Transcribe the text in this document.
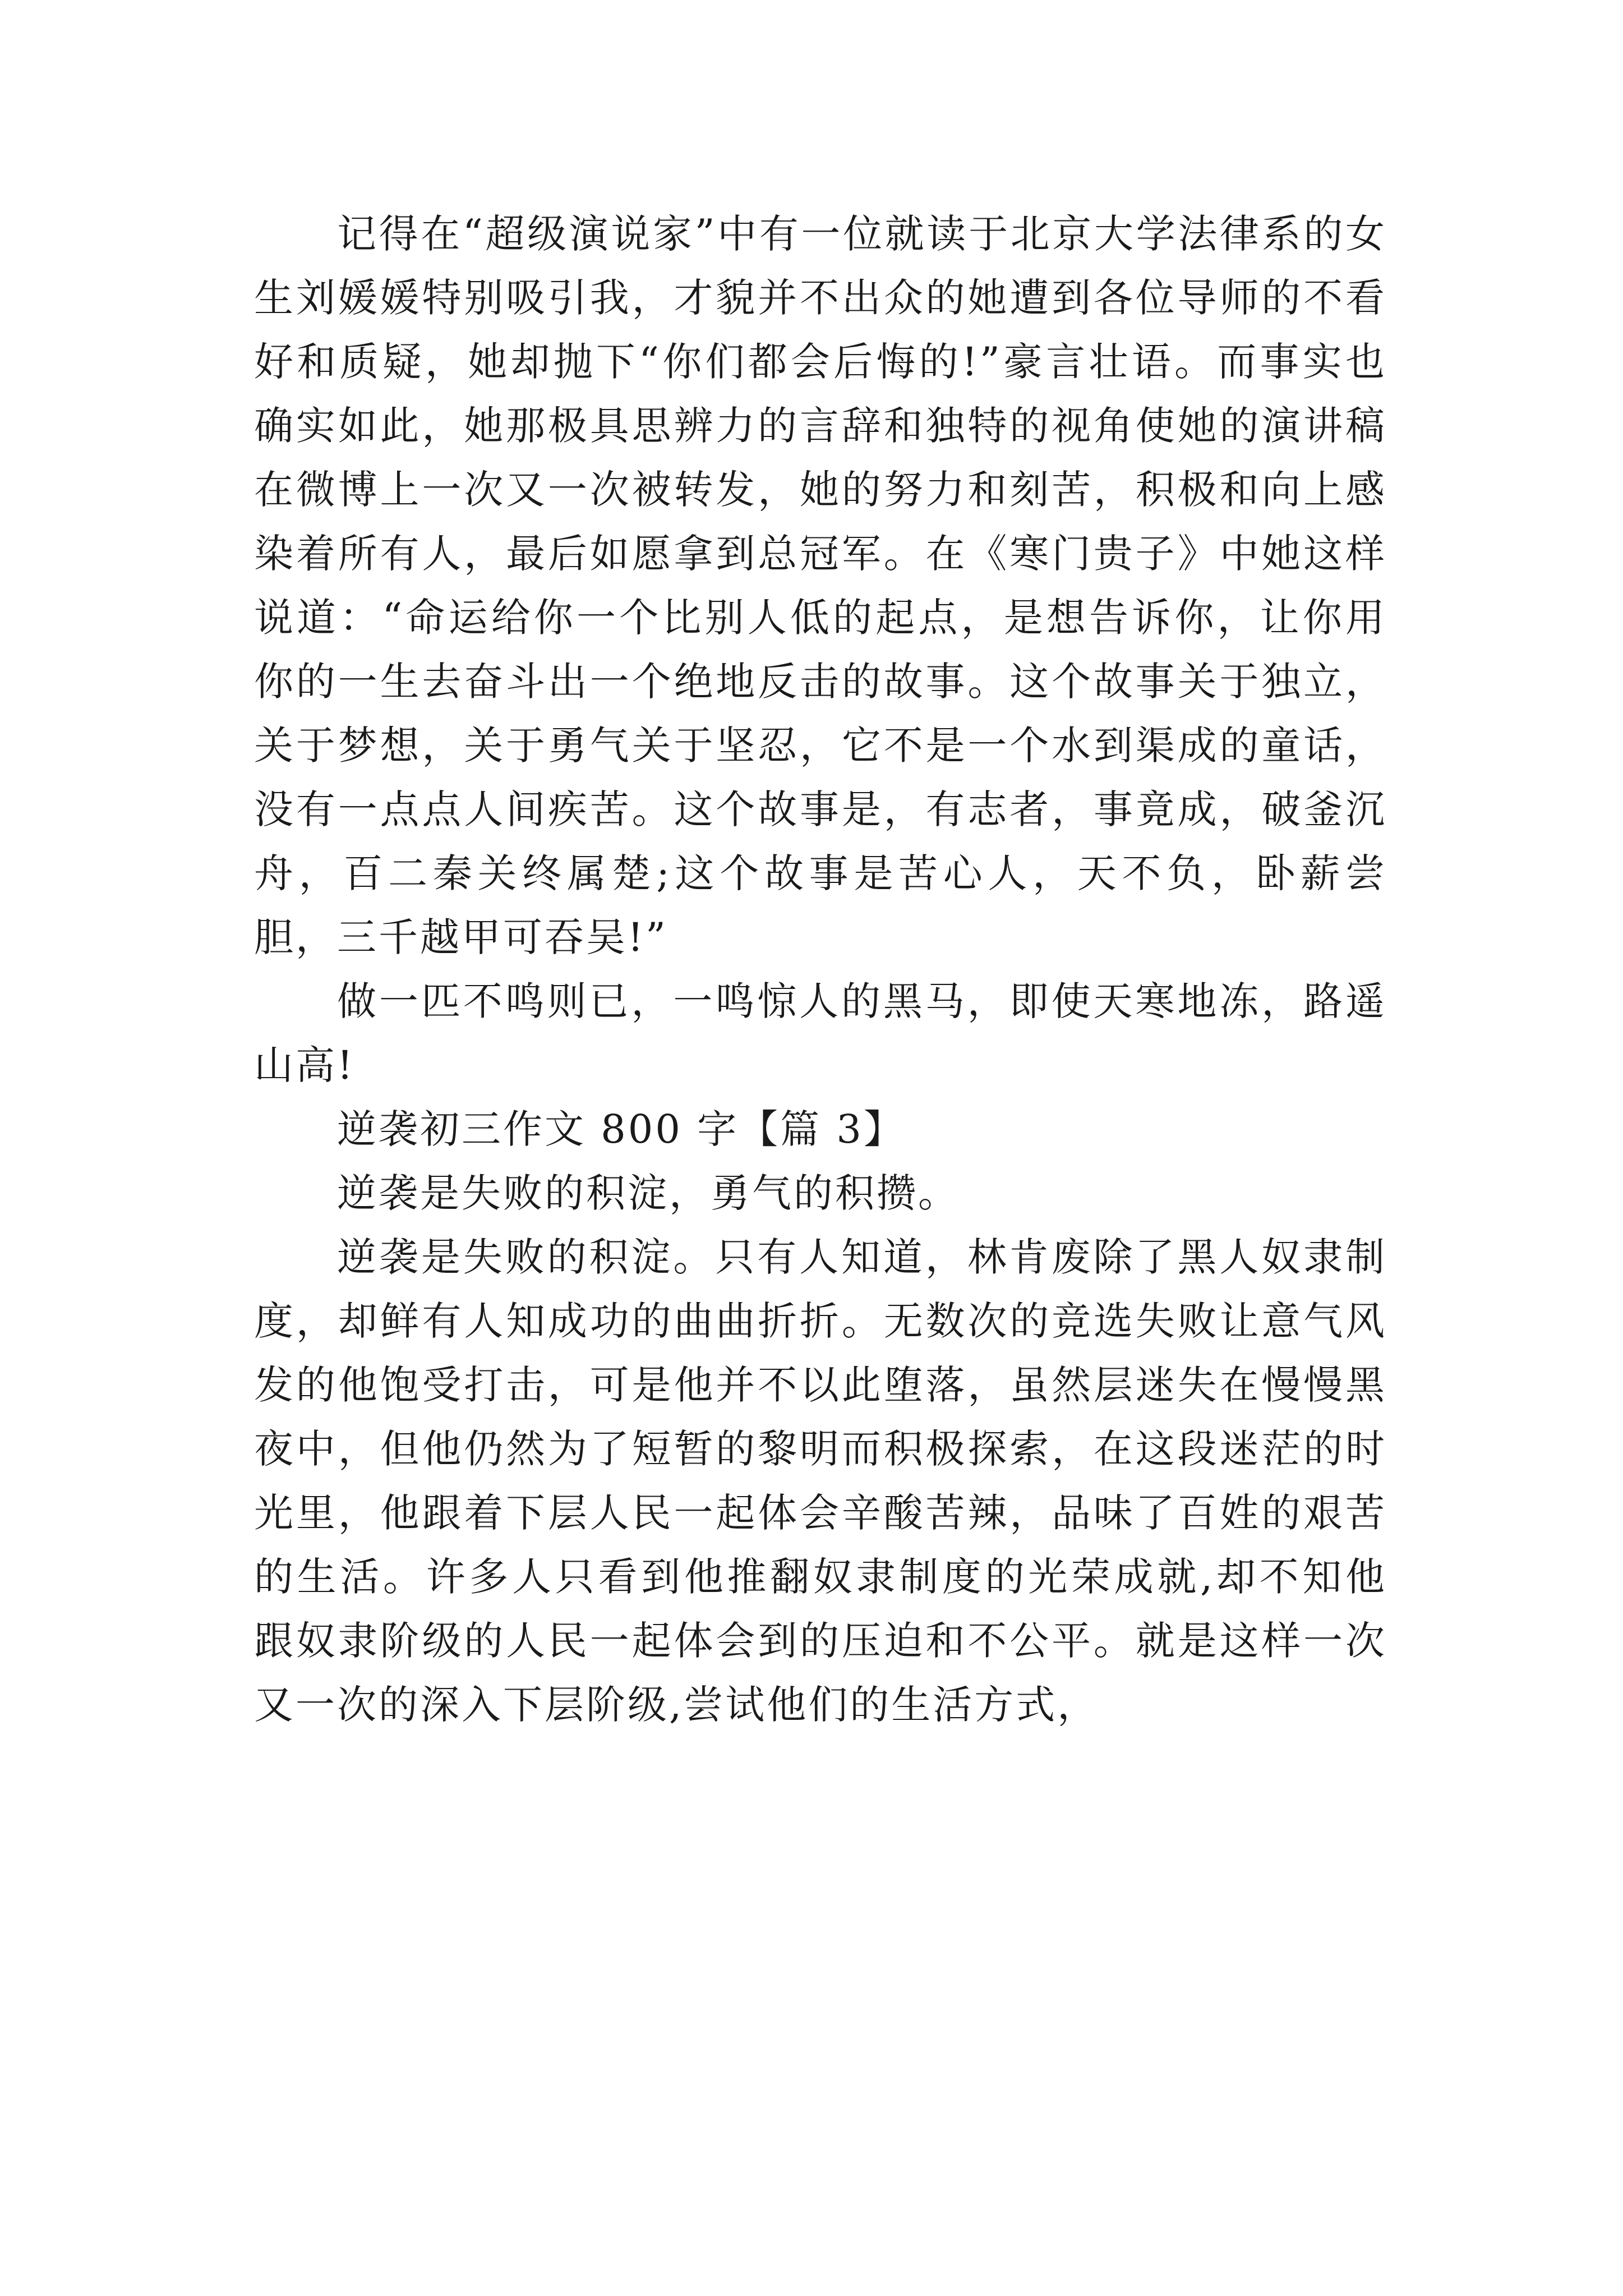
记得在“超级演说家”中有一位就读于北京大学法律系的女生刘媛媛特别吸引我，才貌并不出众的她遭到各位导师的不看好和质疑，她却抛下“你们都会后悔的!”豪言壮语。而事实也确实如此，她那极具思辨力的言辞和独特的视角使她的演讲稿在微博上一次又一次被转发，她的努力和刻苦，积极和向上感染着所有人，最后如愿拿到总冠军。在《寒门贵子》中她这样说道：“命运给你一个比别人低的起点，是想告诉你，让你用你的一生去奋斗出一个绝地反击的故事。这个故事关于独立，关于梦想，关于勇气关于坚忍，它不是一个水到渠成的童话，没有一点点人间疾苦。这个故事是，有志者，事竟成，破釜沉舟，百二秦关终属楚;这个故事是苦心人，天不负，卧薪尝胆，三千越甲可吞吴!”

做一匹不鸣则已，一鸣惊人的黑马，即使天寒地冻，路遥山高!

逆袭初三作文 800 字【篇 3】

逆袭是失败的积淀，勇气的积攒。

逆袭是失败的积淀。只有人知道，林肯废除了黑人奴隶制度，却鲜有人知成功的曲曲折折。无数次的竞选失败让意气风发的他饱受打击，可是他并不以此堕落，虽然层迷失在慢慢黑夜中，但他仍然为了短暂的黎明而积极探索，在这段迷茫的时光里，他跟着下层人民一起体会辛酸苦辣，品味了百姓的艰苦的生活。许多人只看到他推翻奴隶制度的光荣成就,却不知他跟奴隶阶级的人民一起体会到的压迫和不公平。就是这样一次又一次的深入下层阶级,尝试他们的生活方式，
